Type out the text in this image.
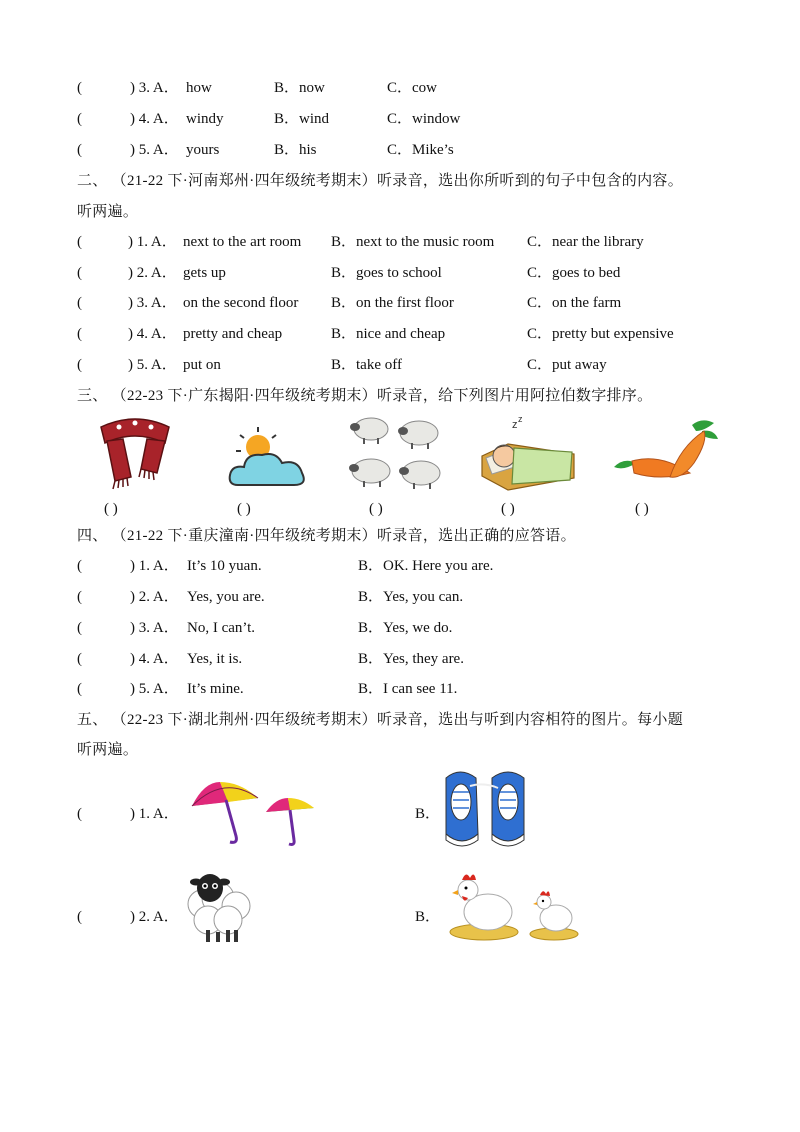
(	) 3. A． how	B．now	C．cow
(	) 4. A． windy	B．wind	C．window
(	) 5. A． yours	B．his	C．Mike’s
二、 （21-22 下·河南郑州·四年级统考期末）听录音，选出你所听到的句子中包含的内容。
听两遍。
(	) 1. A． next to the art room B．next to the music room C．near the library
(	) 2. A． gets up	B．goes to school	C．goes to bed
(	) 3. A． on the second floor B．on the first floor	C．on the farm
(	) 4. A． pretty and cheap	B．nice and cheap	C．pretty but expensive
(	) 5. A． put on	B．take off	C．put away
三、 （22-23 下·广东揭阳·四年级统考期末）听录音，给下列图片用阿拉伯数字排序。
z z
( )	( )	( )	( )	( )
四、 （21-22 下·重庆潼南·四年级统考期末）听录音，选出正确的应答语。
(	) 1. A． It’s 10 yuan.	B．OK. Here you are.
(	) 2. A． Yes, you are.	B．Yes, you can.
(	) 3. A． No, I can’t.	B．Yes, we do.
(	) 4. A． Yes, it is.	B．Yes, they are.
(	) 5. A． It’s mine.	B．I can see 11.
五、 （22-23 下·湖北荆州·四年级统考期末）听录音，选出与听到内容相符的图片。每小题
听两遍。
(	) 1. A．	B．
(	) 2. A．	B．
